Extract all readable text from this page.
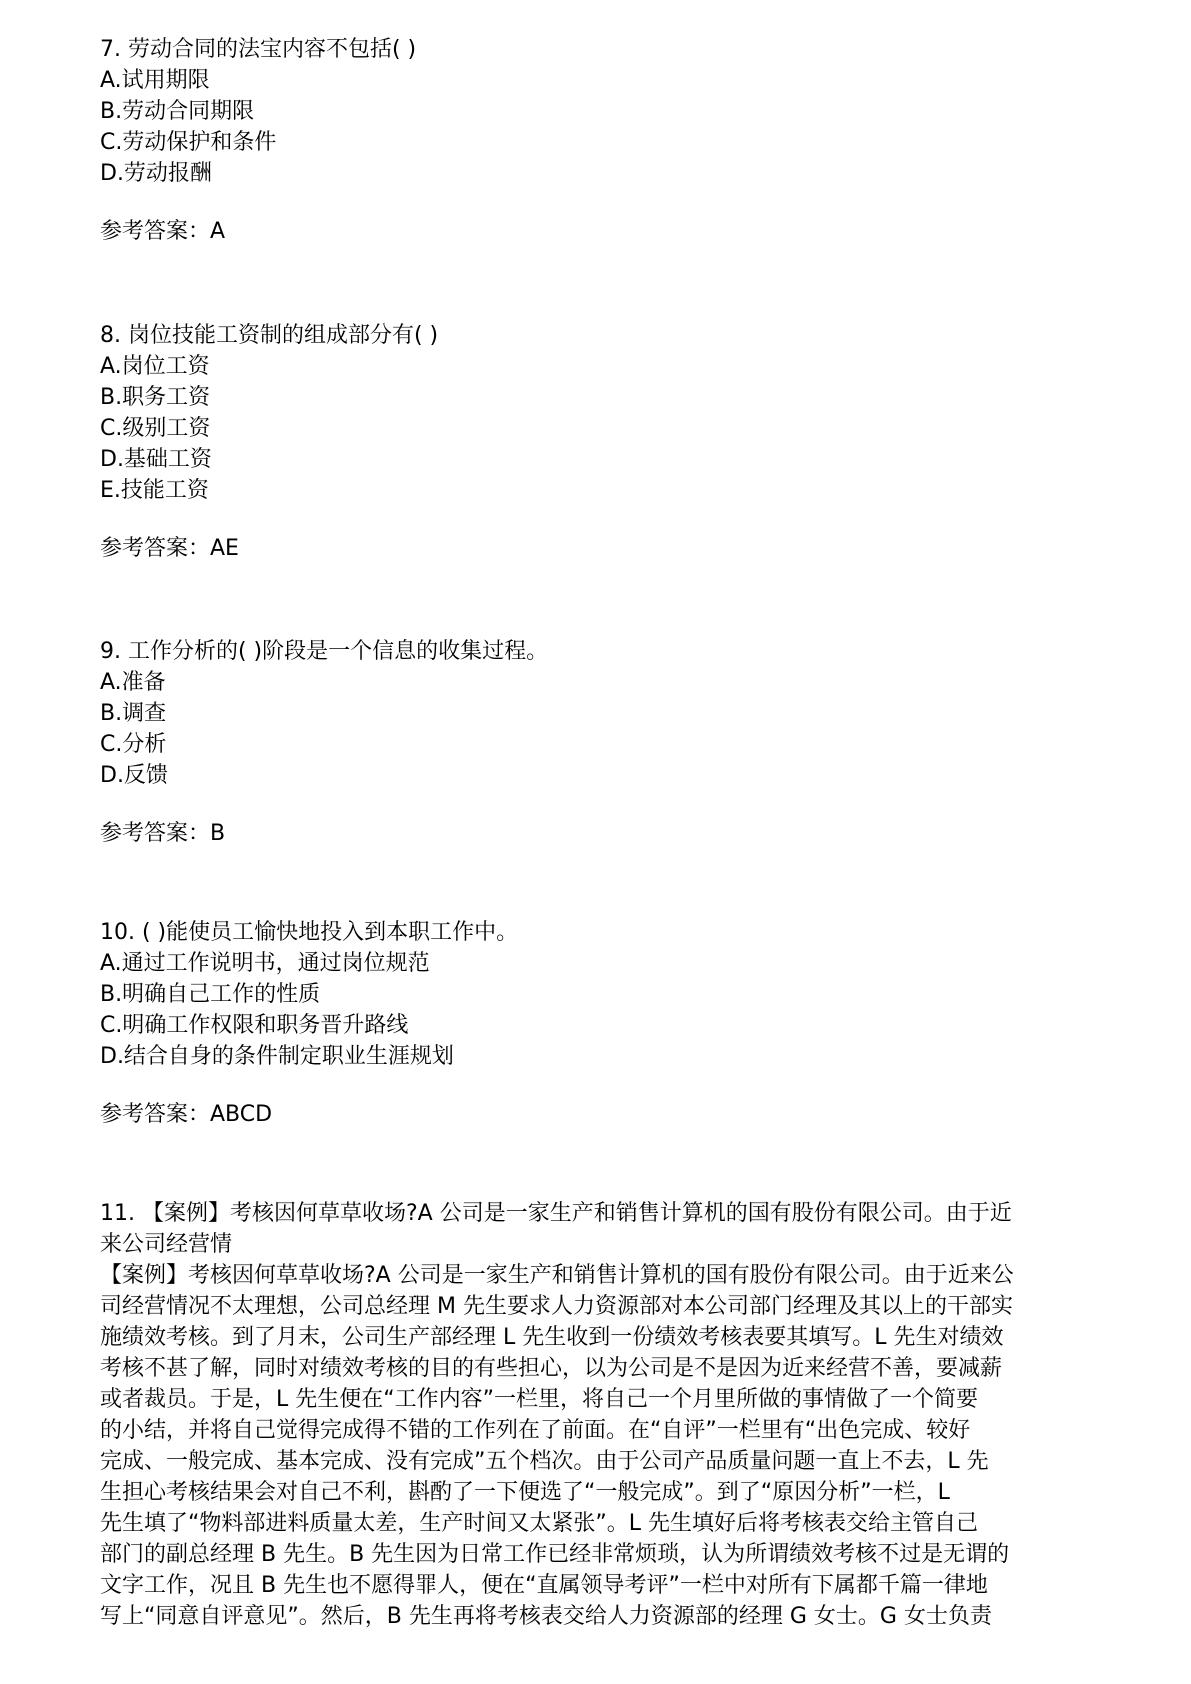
7. 劳动合同的法宝内容不包括( )
A.试用期限
B.劳动合同期限
C.劳动保护和条件
D.劳动报酬
参考答案：A
8. 岗位技能工资制的组成部分有( )
A.岗位工资
B.职务工资
C.级别工资
D.基础工资
E.技能工资
参考答案：AE
9. 工作分析的( )阶段是一个信息的收集过程。
A.准备
B.调查
C.分析
D.反馈
参考答案：B
10. ( )能使员工愉快地投入到本职工作中。
A.通过工作说明书，通过岗位规范
B.明确自己工作的性质
C.明确工作权限和职务晋升路线
D.结合自身的条件制定职业生涯规划
参考答案：ABCD
11. 【案例】考核因何草草收场?A 公司是一家生产和销售计算机的国有股份有限公司。由于近
来公司经营情
【案例】考核因何草草收场?A 公司是一家生产和销售计算机的国有股份有限公司。由于近来公
司经营情况不太理想，公司总经理 M 先生要求人力资源部对本公司部门经理及其以上的干部实
施绩效考核。到了月末，公司生产部经理 L 先生收到一份绩效考核表要其填写。L 先生对绩效
考核不甚了解，同时对绩效考核的目的有些担心，以为公司是不是因为近来经营不善，要减薪
或者裁员。于是，L 先生便在“工作内容”一栏里，将自己一个月里所做的事情做了一个简要
的小结，并将自己觉得完成得不错的工作列在了前面。在“自评”一栏里有“出色完成、较好
完成、一般完成、基本完成、没有完成”五个档次。由于公司产品质量问题一直上不去，L 先
生担心考核结果会对自己不利，斟酌了一下便选了“一般完成”。到了“原因分析”一栏，L
先生填了“物料部进料质量太差，生产时间又太紧张”。L 先生填好后将考核表交给主管自己
部门的副总经理 B 先生。B 先生因为日常工作已经非常烦琐，认为所谓绩效考核不过是无谓的
文字工作，况且 B 先生也不愿得罪人，便在“直属领导考评”一栏中对所有下属都千篇一律地
写上“同意自评意见”。然后，B 先生再将考核表交给人力资源部的经理 G 女士。G 女士负责
